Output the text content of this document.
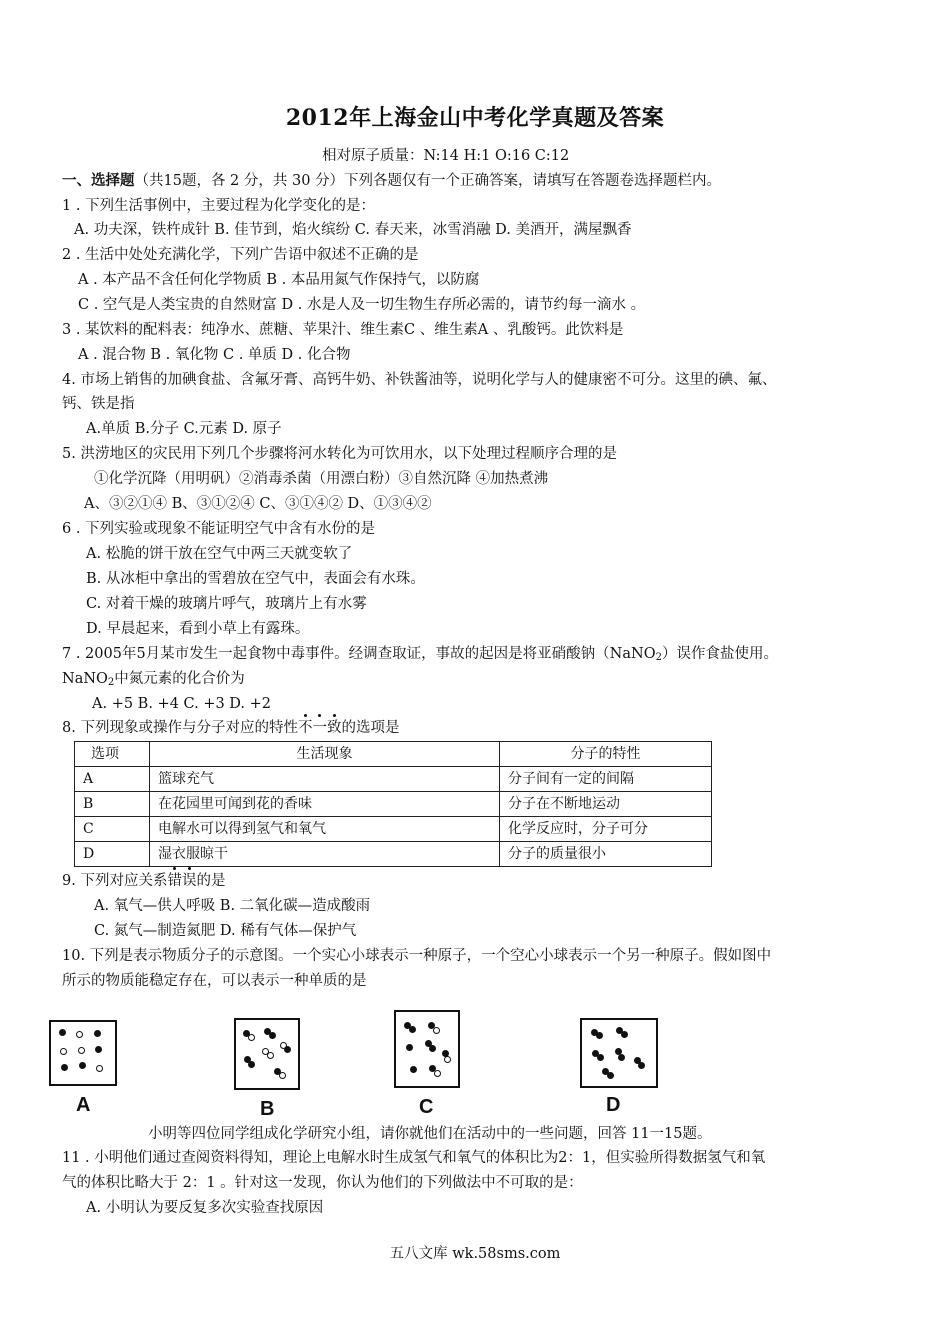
2012年上海金山中考化学真题及答案
相对原子质量：N:14 H:1 O:16 C:12
一、选择题（共15题，各 2 分，共 30 分）下列各题仅有一个正确答案，请填写在答题卷选择题栏内。
1 . 下列生活事例中，主要过程为化学变化的是：
A. 功夫深，铁杵成针 B. 佳节到，焰火缤纷 C. 春天来，冰雪消融 D. 美酒开，满屋飘香
2 . 生活中处处充满化学，下列广告语中叙述不正确的是
A . 本产品不含任何化学物质 B . 本品用氮气作保持气，以防腐
C . 空气是人类宝贵的自然财富 D . 水是人及一切生物生存所必需的，请节约每一滴水 。
3 . 某饮料的配料表：纯净水、蔗糖、苹果汁、维生素C 、维生素A 、乳酸钙。此饮料是
A . 混合物 B . 氧化物 C . 单质 D . 化合物
4. 市场上销售的加碘食盐、含氟牙膏、高钙牛奶、补铁酱油等，说明化学与人的健康密不可分。这里的碘、氟、
钙、铁是指
A.单质 B.分子 C.元素 D. 原子
5. 洪涝地区的灾民用下列几个步骤将河水转化为可饮用水，以下处理过程顺序合理的是
①化学沉降（用明矾）②消毒杀菌（用漂白粉）③自然沉降 ④加热煮沸
A、③②①④ B、③①②④ C、③①④② D、①③④②
6 . 下列实验或现象不能证明空气中含有水份的是
A. 松脆的饼干放在空气中两三天就变软了
B. 从冰柜中拿出的雪碧放在空气中，表面会有水珠。
C. 对着干燥的玻璃片呼气，玻璃片上有水雾
D. 早晨起来，看到小草上有露珠。
7 . 2005年5月某市发生一起食物中毒事件。经调查取证，事故的起因是将亚硝酸钠（NaNO$_2$）误作食盐使用。
NaNO$_2$中氮元素的化合价为
A. +5 B. +4 C. +3 D. +2
8. 下列现象或操作与分子对应的特性不一致的选项是
选项	生活现象	分子的特性
A	篮球充气	分子间有一定的间隔
B	在花园里可闻到花的香味	分子在不断地运动
C	电解水可以得到氢气和氧气	化学反应时，分子可分
D	湿衣服晾干	分子的质量很小
9. 下列对应关系错误的是
A. 氧气—供人呼吸 B. 二氧化碳—造成酸雨
C. 氮气—制造氮肥 D. 稀有气体—保护气
10. 下列是表示物质分子的示意图。一个实心小球表示一种原子，一个空心小球表示一个另一种原子。假如图中
所示的物质能稳定存在，可以表示一种单质的是
A	B	C	D
小明等四位同学组成化学研究小组，请你就他们在活动中的一些问题，回答 11一15题。
11 . 小明他们通过查阅资料得知，理论上电解水时生成氢气和氧气的体积比为2：1，但实验所得数据氢气和氧
气的体积比略大于 2：1 。针对这一发现，你认为他们的下列做法中不可取的是：
A. 小明认为要反复多次实验查找原因
五八文库 wk.58sms.com
